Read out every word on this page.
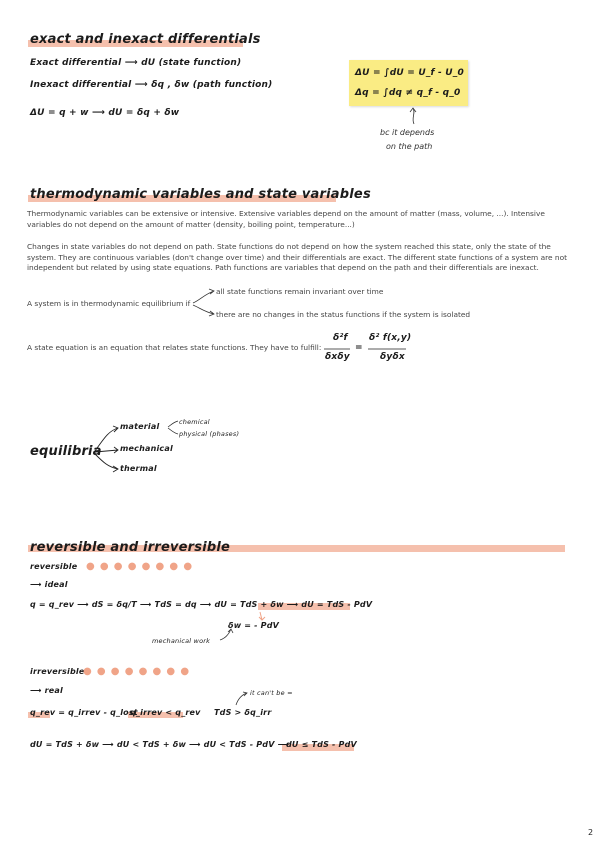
exact and inexact differentials
Exact differential ⟶ dU (state function)
Inexact differential ⟶ δq , δw (path function)
ΔU = q + w ⟶ dU = δq + δw
ΔU = ∫dU = U_f - U_0
Δq = ∫dq ≠ q_f - q_0
bc it depends
on the path
thermodynamic variables and state variables
Thermodynamic variables can be extensive or intensive. Extensive variables depend on the amount of matter (mass, volume, ...). Intensive variables do not depend on the amount of matter (density, boiling point, temperature...)
Changes in state variables do not depend on path. State functions do not depend on how the system reached this state, only the state of the system. They are continuous variables (don't change over time) and their differentials are exact. The different state functions of a system are not independent but related by using state equations. Path functions are variables that depend on the path and their differentials are inexact.
A system is in thermodynamic equilibrium if
all state functions remain invariant over time
there are no changes in the status functions if the system is isolated
A state equation is an equation that relates state functions. They have to fulfill:
δ²f
δxδy
=
δ² f(x,y)
δyδx
equilibria
material	chemical
physical (phases)
mechanical
thermal
reversible and irreversible
reversible ● ● ● ● ● ● ● ●
⟶ ideal
q = q_rev ⟶ dS = δq/T ⟶ TdS = dq ⟶ dU = TdS + δw ⟶ dU = TdS - PdV
δw = - PdV
mechanical work
irreversible
● ● ● ● ● ● ● ●
⟶ real	it can't be =
q_rev = q_irrev - q_lost
q_irrev < q_rev TdS > δq_irr
dU = TdS + δw ⟶ dU < TdS + δw ⟶ dU < TdS - PdV ⟶
dU ≤ TdS - PdV
2
